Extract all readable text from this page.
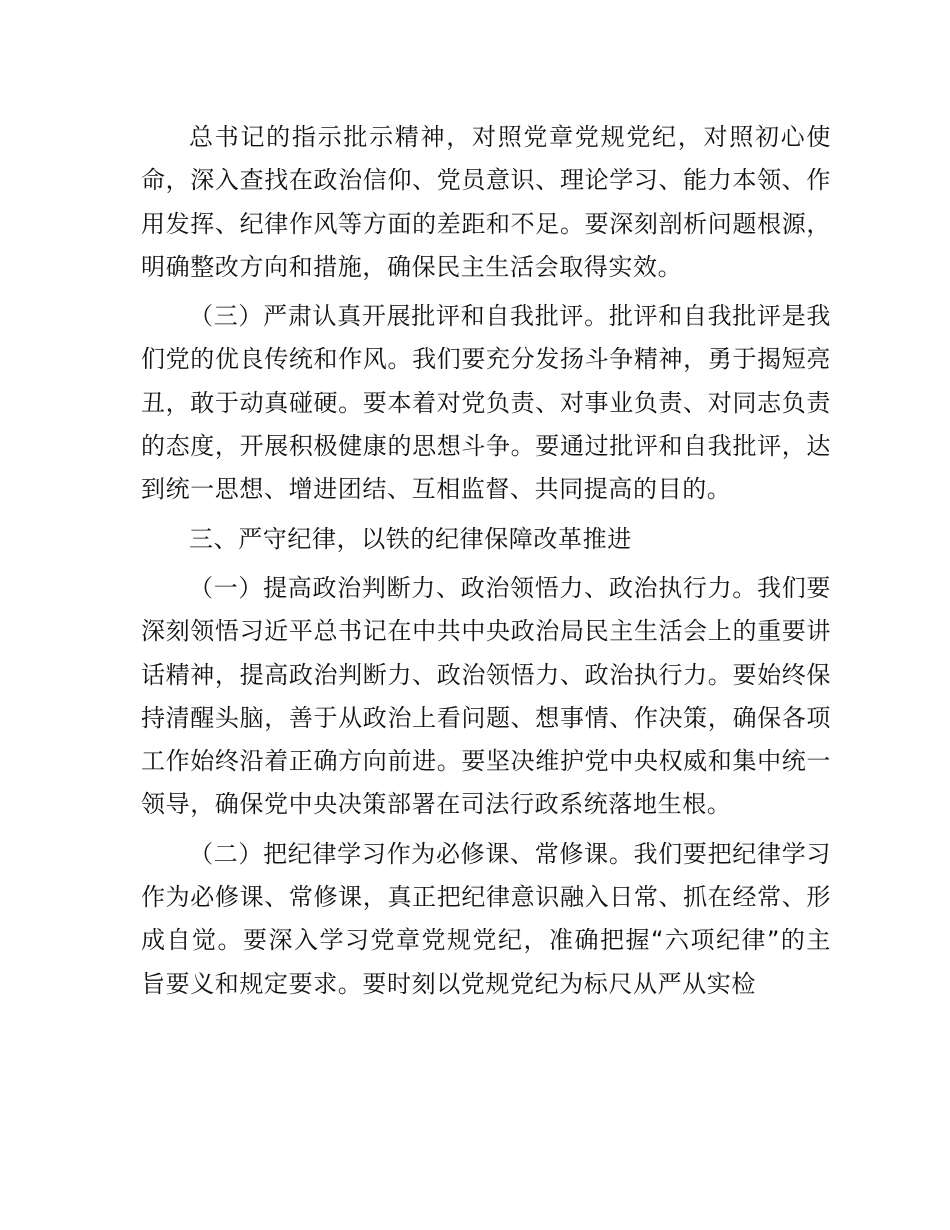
总书记的指示批示精神，对照党章党规党纪，对照初心使命，深入查找在政治信仰、党员意识、理论学习、能力本领、作用发挥、纪律作风等方面的差距和不足。要深刻剖析问题根源，明确整改方向和措施，确保民主生活会取得实效。

（三）严肃认真开展批评和自我批评。批评和自我批评是我们党的优良传统和作风。我们要充分发扬斗争精神，勇于揭短亮丑，敢于动真碰硬。要本着对党负责、对事业负责、对同志负责的态度，开展积极健康的思想斗争。要通过批评和自我批评，达到统一思想、增进团结、互相监督、共同提高的目的。

三、严守纪律，以铁的纪律保障改革推进

（一）提高政治判断力、政治领悟力、政治执行力。我们要深刻领悟习近平总书记在中共中央政治局民主生活会上的重要讲话精神，提高政治判断力、政治领悟力、政治执行力。要始终保持清醒头脑，善于从政治上看问题、想事情、作决策，确保各项工作始终沿着正确方向前进。要坚决维护党中央权威和集中统一领导，确保党中央决策部署在司法行政系统落地生根。

（二）把纪律学习作为必修课、常修课。我们要把纪律学习作为必修课、常修课，真正把纪律意识融入日常、抓在经常、形成自觉。要深入学习党章党规党纪，准确把握“六项纪律”的主旨要义和规定要求。要时刻以党规党纪为标尺从严从实检
